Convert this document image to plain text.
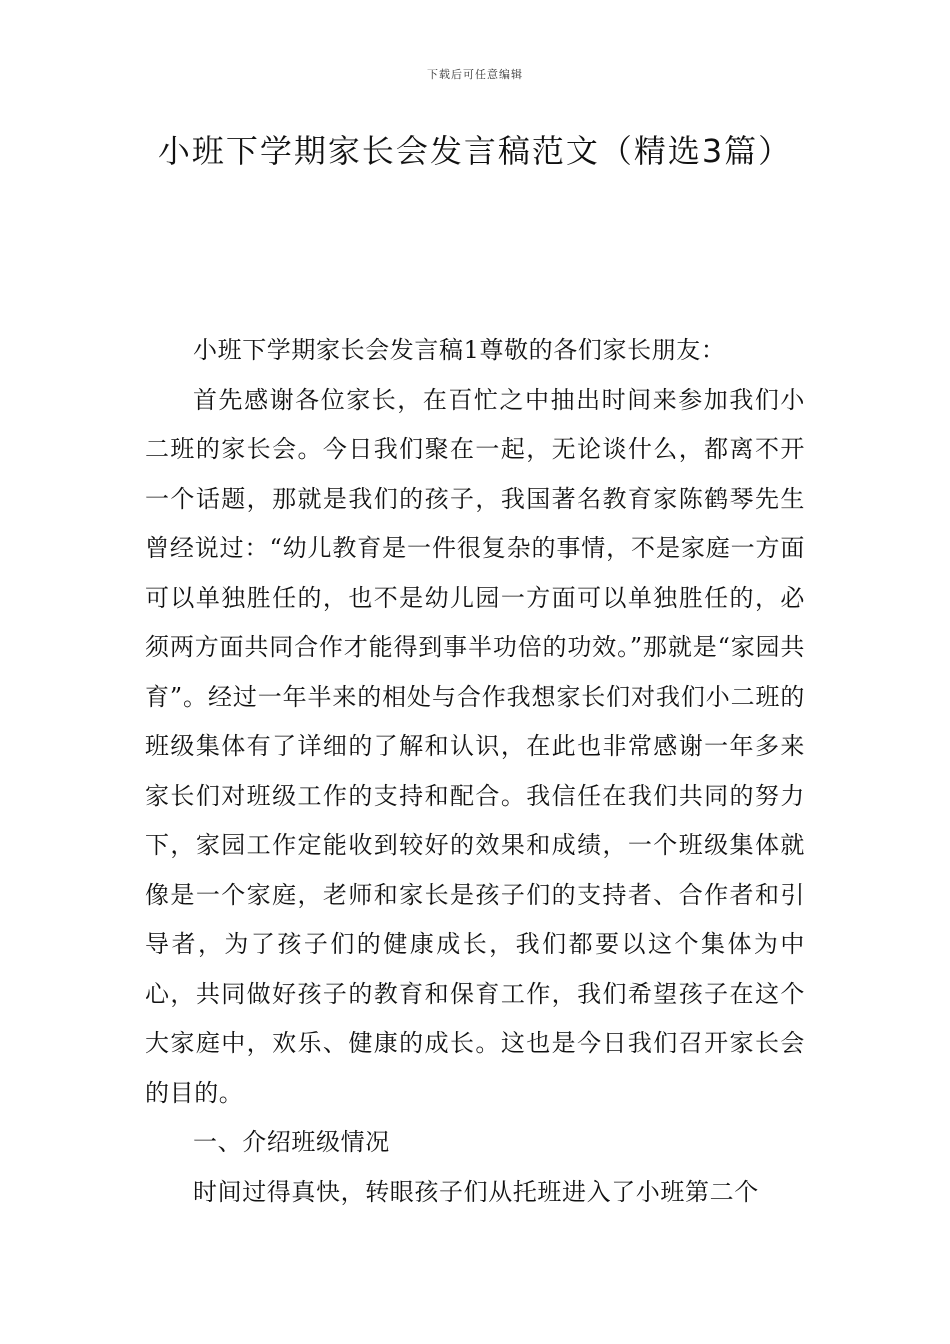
下载后可任意编辑
小班下学期家长会发言稿范文（精选3篇）

小班下学期家长会发言稿1尊敬的各们家长朋友：

首先感谢各位家长，在百忙之中抽出时间来参加我们小二班的家长会。今日我们聚在一起，无论谈什么，都离不开一个话题，那就是我们的孩子，我国著名教育家陈鹤琴先生曾经说过：“幼儿教育是一件很复杂的事情，不是家庭一方面可以单独胜任的，也不是幼儿园一方面可以单独胜任的，必须两方面共同合作才能得到事半功倍的功效。”那就是“家园共育”。经过一年半来的相处与合作我想家长们对我们小二班的班级集体有了详细的了解和认识，在此也非常感谢一年多来家长们对班级工作的支持和配合。我信任在我们共同的努力下，家园工作定能收到较好的效果和成绩，一个班级集体就像是一个家庭，老师和家长是孩子们的支持者、合作者和引导者，为了孩子们的健康成长，我们都要以这个集体为中心，共同做好孩子的教育和保育工作，我们希望孩子在这个大家庭中，欢乐、健康的成长。这也是今日我们召开家长会的目的。

一、介绍班级情况

时间过得真快，转眼孩子们从托班进入了小班第二个
